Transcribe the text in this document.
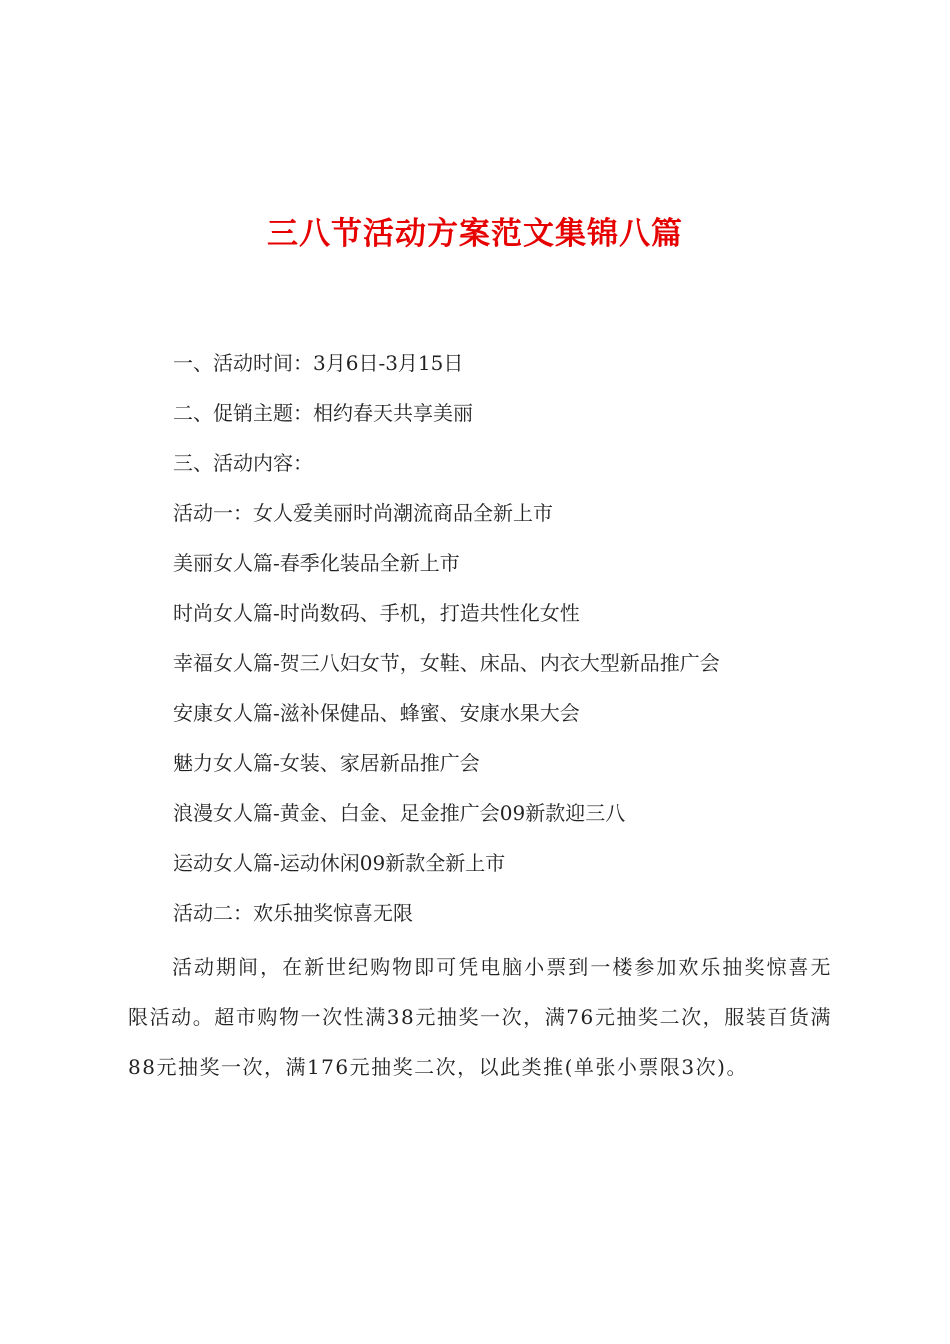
三八节活动方案范文集锦八篇
一、活动时间：3月6日-3月15日
二、促销主题：相约春天共享美丽
三、活动内容：
活动一：女人爱美丽时尚潮流商品全新上市
美丽女人篇-春季化装品全新上市
时尚女人篇-时尚数码、手机，打造共性化女性
幸福女人篇-贺三八妇女节，女鞋、床品、内衣大型新品推广会
安康女人篇-滋补保健品、蜂蜜、安康水果大会
魅力女人篇-女装、家居新品推广会
浪漫女人篇-黄金、白金、足金推广会09新款迎三八
运动女人篇-运动休闲09新款全新上市
活动二：欢乐抽奖惊喜无限
活动期间，在新世纪购物即可凭电脑小票到一楼参加欢乐抽奖惊喜无限活动。超市购物一次性满38元抽奖一次，满76元抽奖二次，服装百货满88元抽奖一次，满176元抽奖二次，以此类推(单张小票限3次)。
